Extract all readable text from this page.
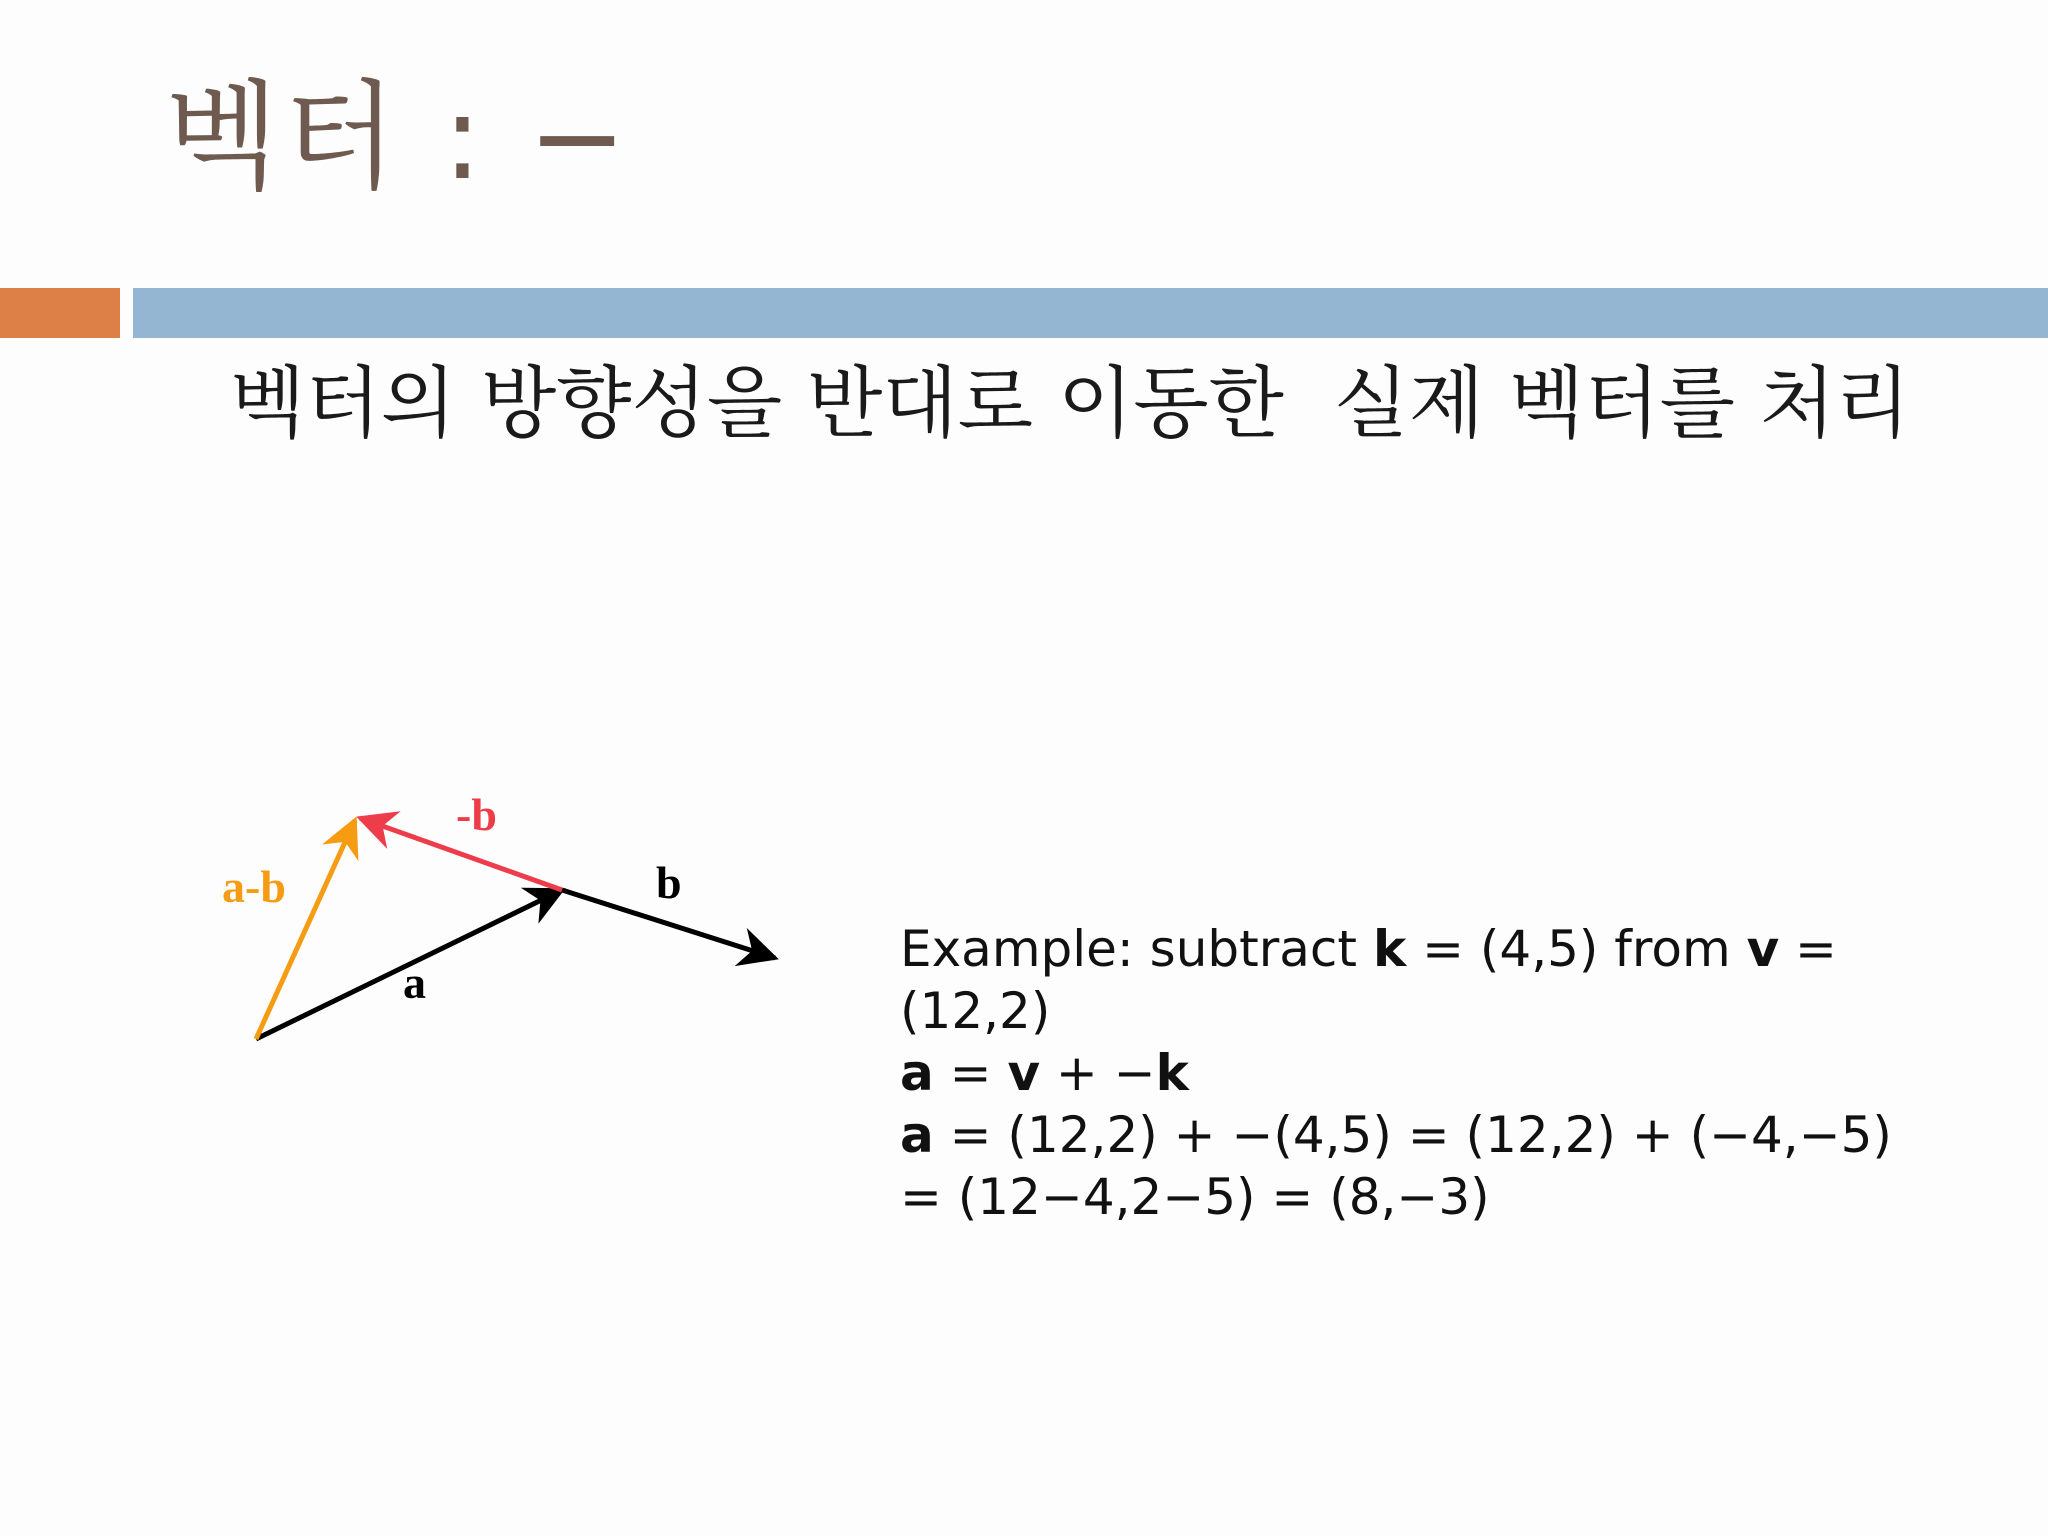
벡터 : −
벡터의 방향성을 반대로 이동한  실제 벡터를 처리
a
b
-b
a-b
Example: subtract k = (4,5) from v = (12,2)
a = v + −k
a = (12,2) + −(4,5) = (12,2) + (−4,−5)
= (12−4,2−5) = (8,−3)
